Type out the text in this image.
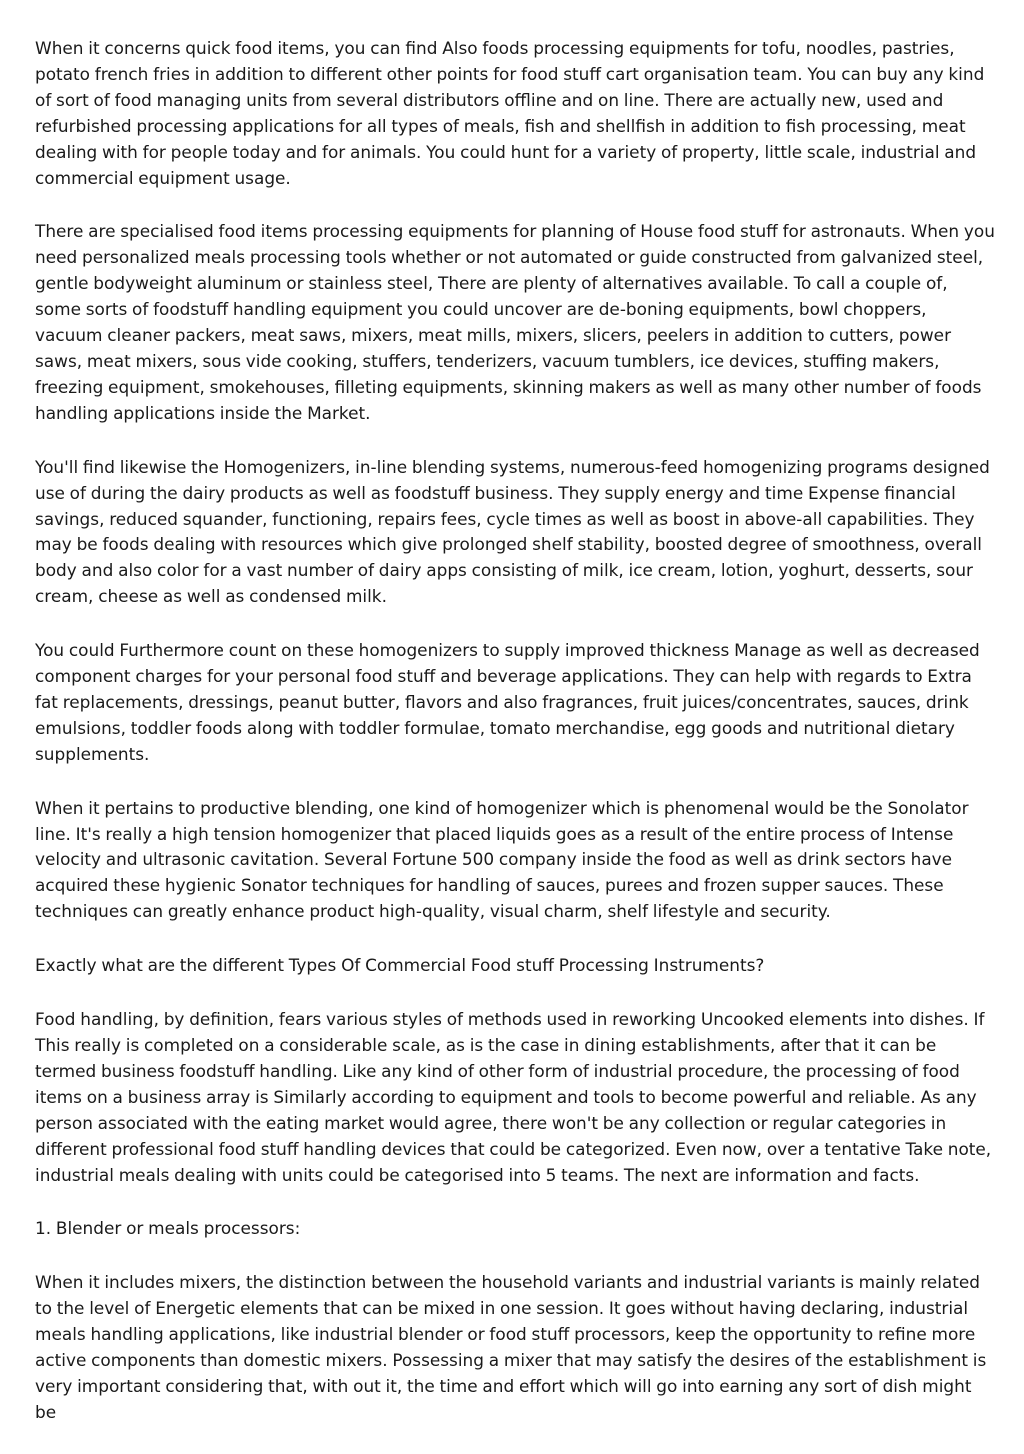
When it concerns quick food items, you can find Also foods processing equipments for tofu, noodles, pastries, potato french fries in addition to different other points for food stuff cart organisation team. You can buy any kind of sort of food managing units from several distributors offline and on line. There are actually new, used and refurbished processing applications for all types of meals, fish and shellfish in addition to fish processing, meat dealing with for people today and for animals. You could hunt for a variety of property, little scale, industrial and commercial equipment usage.

There are specialised food items processing equipments for planning of House food stuff for astronauts. When you need personalized meals processing tools whether or not automated or guide constructed from galvanized steel, gentle bodyweight aluminum or stainless steel, There are plenty of alternatives available. To call a couple of, some sorts of foodstuff handling equipment you could uncover are de-boning equipments, bowl choppers, vacuum cleaner packers, meat saws, mixers, meat mills, mixers, slicers, peelers in addition to cutters, power saws, meat mixers, sous vide cooking, stuffers, tenderizers, vacuum tumblers, ice devices, stuffing makers, freezing equipment, smokehouses, filleting equipments, skinning makers as well as many other number of foods handling applications inside the Market.

You'll find likewise the Homogenizers, in-line blending systems, numerous-feed homogenizing programs designed use of during the dairy products as well as foodstuff business. They supply energy and time Expense financial savings, reduced squander, functioning, repairs fees, cycle times as well as boost in above-all capabilities. They may be foods dealing with resources which give prolonged shelf stability, boosted degree of smoothness, overall body and also color for a vast number of dairy apps consisting of milk, ice cream, lotion, yoghurt, desserts, sour cream, cheese as well as condensed milk.

You could Furthermore count on these homogenizers to supply improved thickness Manage as well as decreased component charges for your personal food stuff and beverage applications. They can help with regards to Extra fat replacements, dressings, peanut butter, flavors and also fragrances, fruit juices/concentrates, sauces, drink emulsions, toddler foods along with toddler formulae, tomato merchandise, egg goods and nutritional dietary supplements.

When it pertains to productive blending, one kind of homogenizer which is phenomenal would be the Sonolator line. It's really a high tension homogenizer that placed liquids goes as a result of the entire process of Intense velocity and ultrasonic cavitation. Several Fortune 500 company inside the food as well as drink sectors have acquired these hygienic Sonator techniques for handling of sauces, purees and frozen supper sauces. These techniques can greatly enhance product high-quality, visual charm, shelf lifestyle and security.

Exactly what are the different Types Of Commercial Food stuff Processing Instruments?

Food handling, by definition, fears various styles of methods used in reworking Uncooked elements into dishes. If This really is completed on a considerable scale, as is the case in dining establishments, after that it can be termed business foodstuff handling. Like any kind of other form of industrial procedure, the processing of food items on a business array is Similarly according to equipment and tools to become powerful and reliable. As any person associated with the eating market would agree, there won't be any collection or regular categories in different professional food stuff handling devices that could be categorized. Even now, over a tentative Take note, industrial meals dealing with units could be categorised into 5 teams. The next are information and facts.

1. Blender or meals processors:

When it includes mixers, the distinction between the household variants and industrial variants is mainly related to the level of Energetic elements that can be mixed in one session. It goes without having declaring, industrial meals handling applications, like industrial blender or food stuff processors, keep the opportunity to refine more active components than domestic mixers. Possessing a mixer that may satisfy the desires of the establishment is very important considering that, with out it, the time and effort which will go into earning any sort of dish might be
